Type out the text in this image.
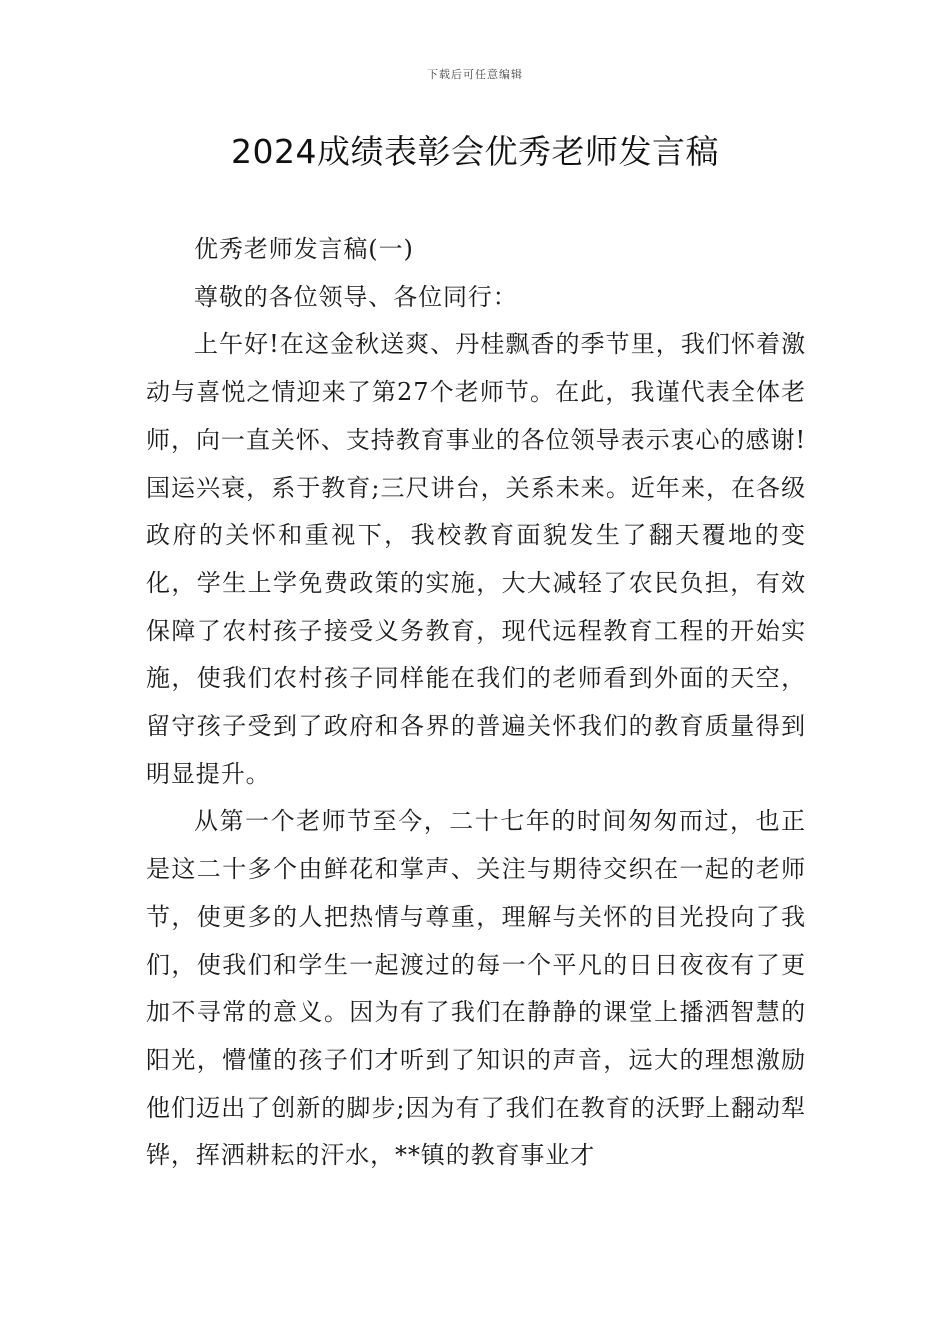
下载后可任意编辑
2024成绩表彰会优秀老师发言稿

优秀老师发言稿(一)

尊敬的各位领导、各位同行：

上午好!在这金秋送爽、丹桂飘香的季节里，我们怀着激动与喜悦之情迎来了第27个老师节。在此，我谨代表全体老师，向一直关怀、支持教育事业的各位领导表示衷心的感谢!国运兴衰，系于教育;三尺讲台，关系未来。近年来，在各级政府的关怀和重视下，我校教育面貌发生了翻天覆地的变化，学生上学免费政策的实施，大大减轻了农民负担，有效保障了农村孩子接受义务教育，现代远程教育工程的开始实施，使我们农村孩子同样能在我们的老师看到外面的天空，留守孩子受到了政府和各界的普遍关怀我们的教育质量得到明显提升。

从第一个老师节至今，二十七年的时间匆匆而过，也正是这二十多个由鲜花和掌声、关注与期待交织在一起的老师节，使更多的人把热情与尊重，理解与关怀的目光投向了我们，使我们和学生一起渡过的每一个平凡的日日夜夜有了更加不寻常的意义。因为有了我们在静静的课堂上播洒智慧的阳光，懵懂的孩子们才听到了知识的声音，远大的理想激励他们迈出了创新的脚步;因为有了我们在教育的沃野上翻动犁铧，挥洒耕耘的汗水，**镇的教育事业才
